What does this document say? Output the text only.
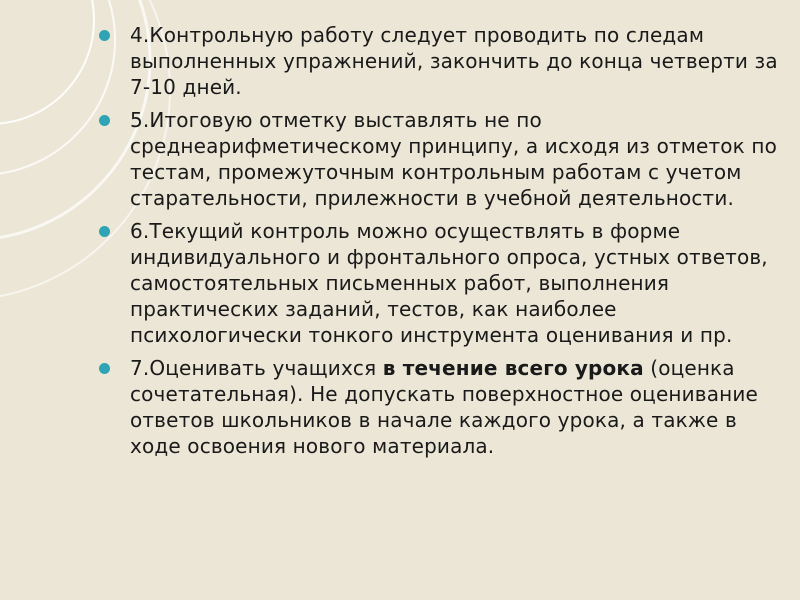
4.Контрольную работу следует проводить по следам выполненных упражнений, закончить до конца четверти за 7-10 дней.
5.Итоговую отметку выставлять не по среднеарифметическому принципу, а исходя из отметок по тестам, промежуточным контрольным работам с учетом старательности, прилежности в учебной деятельности.
6.Текущий контроль можно осуществлять в форме индивидуального и фронтального опроса, устных ответов, самостоятельных письменных работ, выполнения практических заданий, тестов, как наиболее психологически тонкого инструмента оценивания и пр.
7.Оценивать учащихся в течение всего урока (оценка сочетательная). Не допускать поверхностное оценивание ответов школьников в начале каждого урока, а также в ходе освоения нового материала.
